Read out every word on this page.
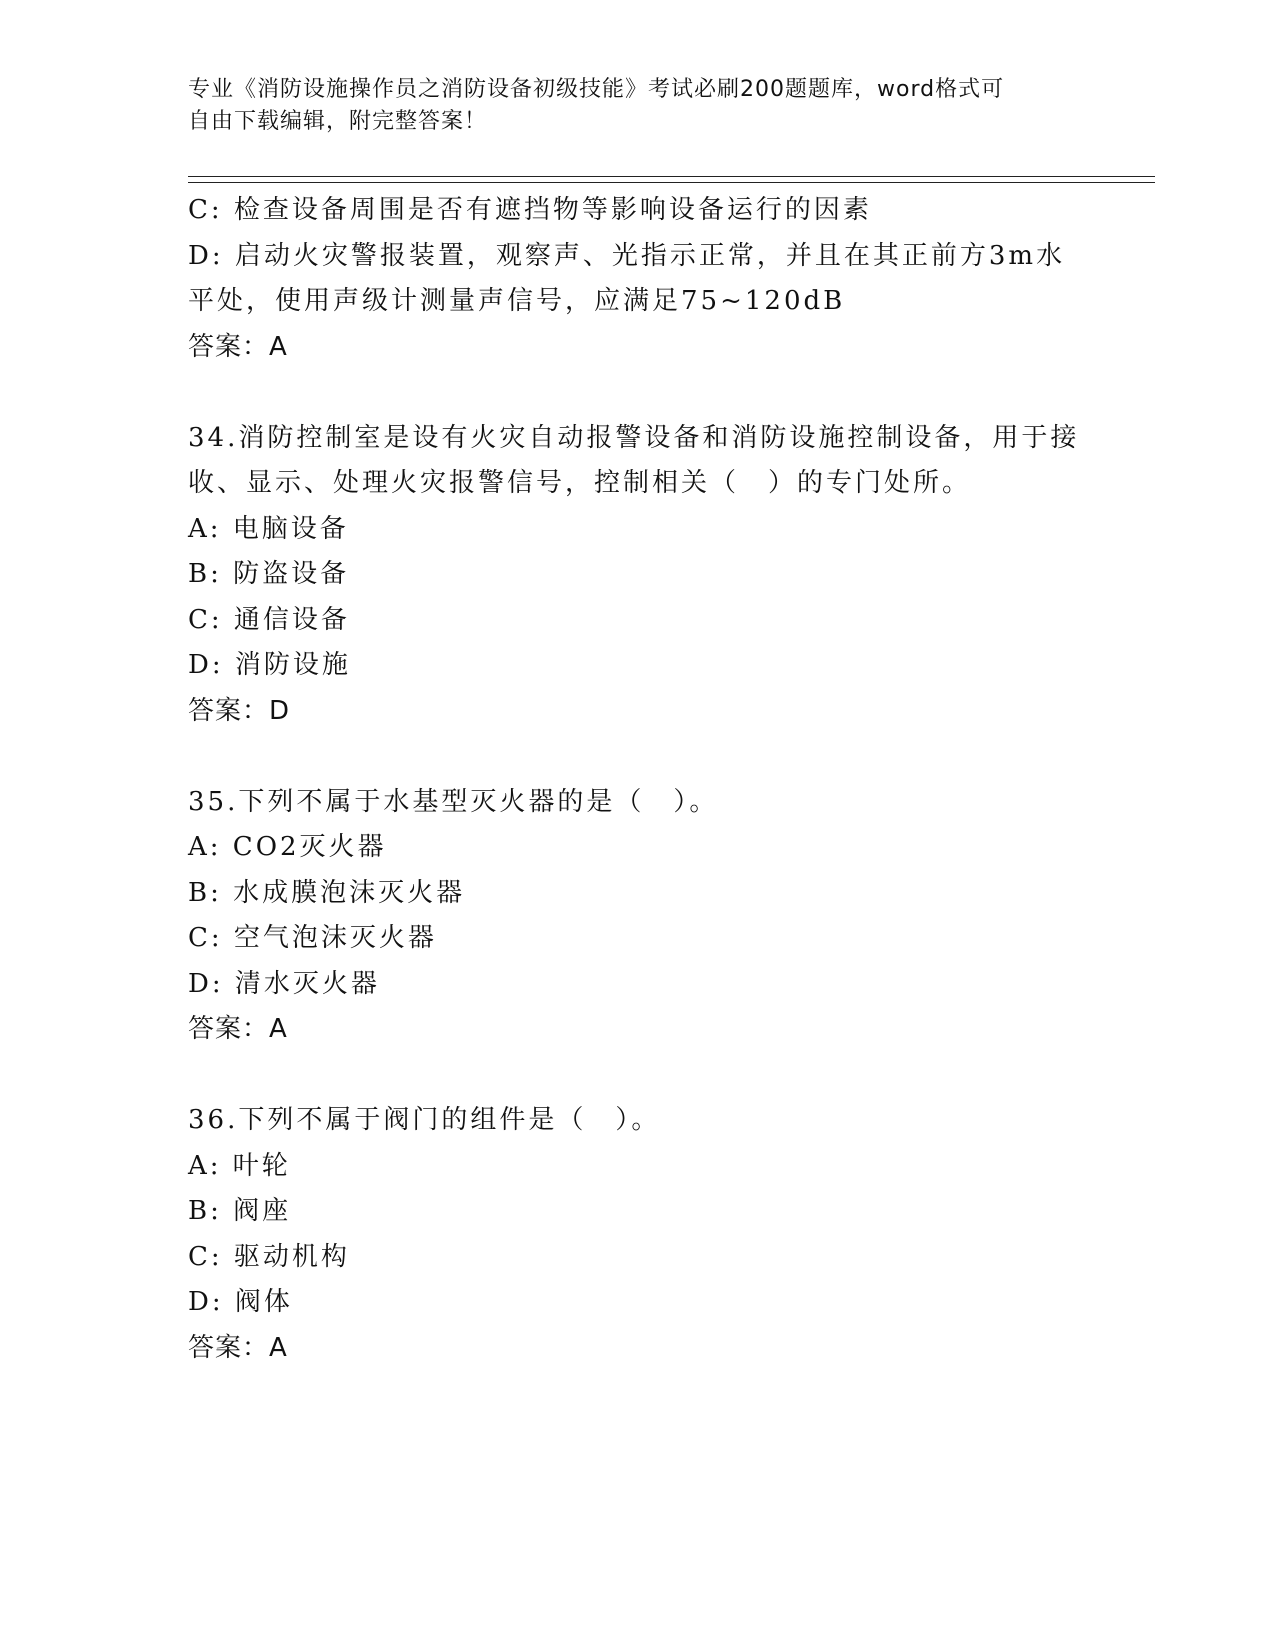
专业《消防设施操作员之消防设备初级技能》考试必刷200题题库，word格式可
自由下载编辑，附完整答案！
C: 检查设备周围是否有遮挡物等影响设备运行的因素
D: 启动火灾警报装置，观察声、光指示正常，并且在其正前方3m水
平处，使用声级计测量声信号，应满足75~120dB
答案：A
34.消防控制室是设有火灾自动报警设备和消防设施控制设备，用于接
收、显示、处理火灾报警信号，控制相关（　）的专门处所。
A: 电脑设备
B: 防盗设备
C: 通信设备
D: 消防设施
答案：D
35.下列不属于水基型灭火器的是（　）。
A: CO2灭火器
B: 水成膜泡沫灭火器
C: 空气泡沫灭火器
D: 清水灭火器
答案：A
36.下列不属于阀门的组件是（　）。
A: 叶轮
B: 阀座
C: 驱动机构
D: 阀体
答案：A
